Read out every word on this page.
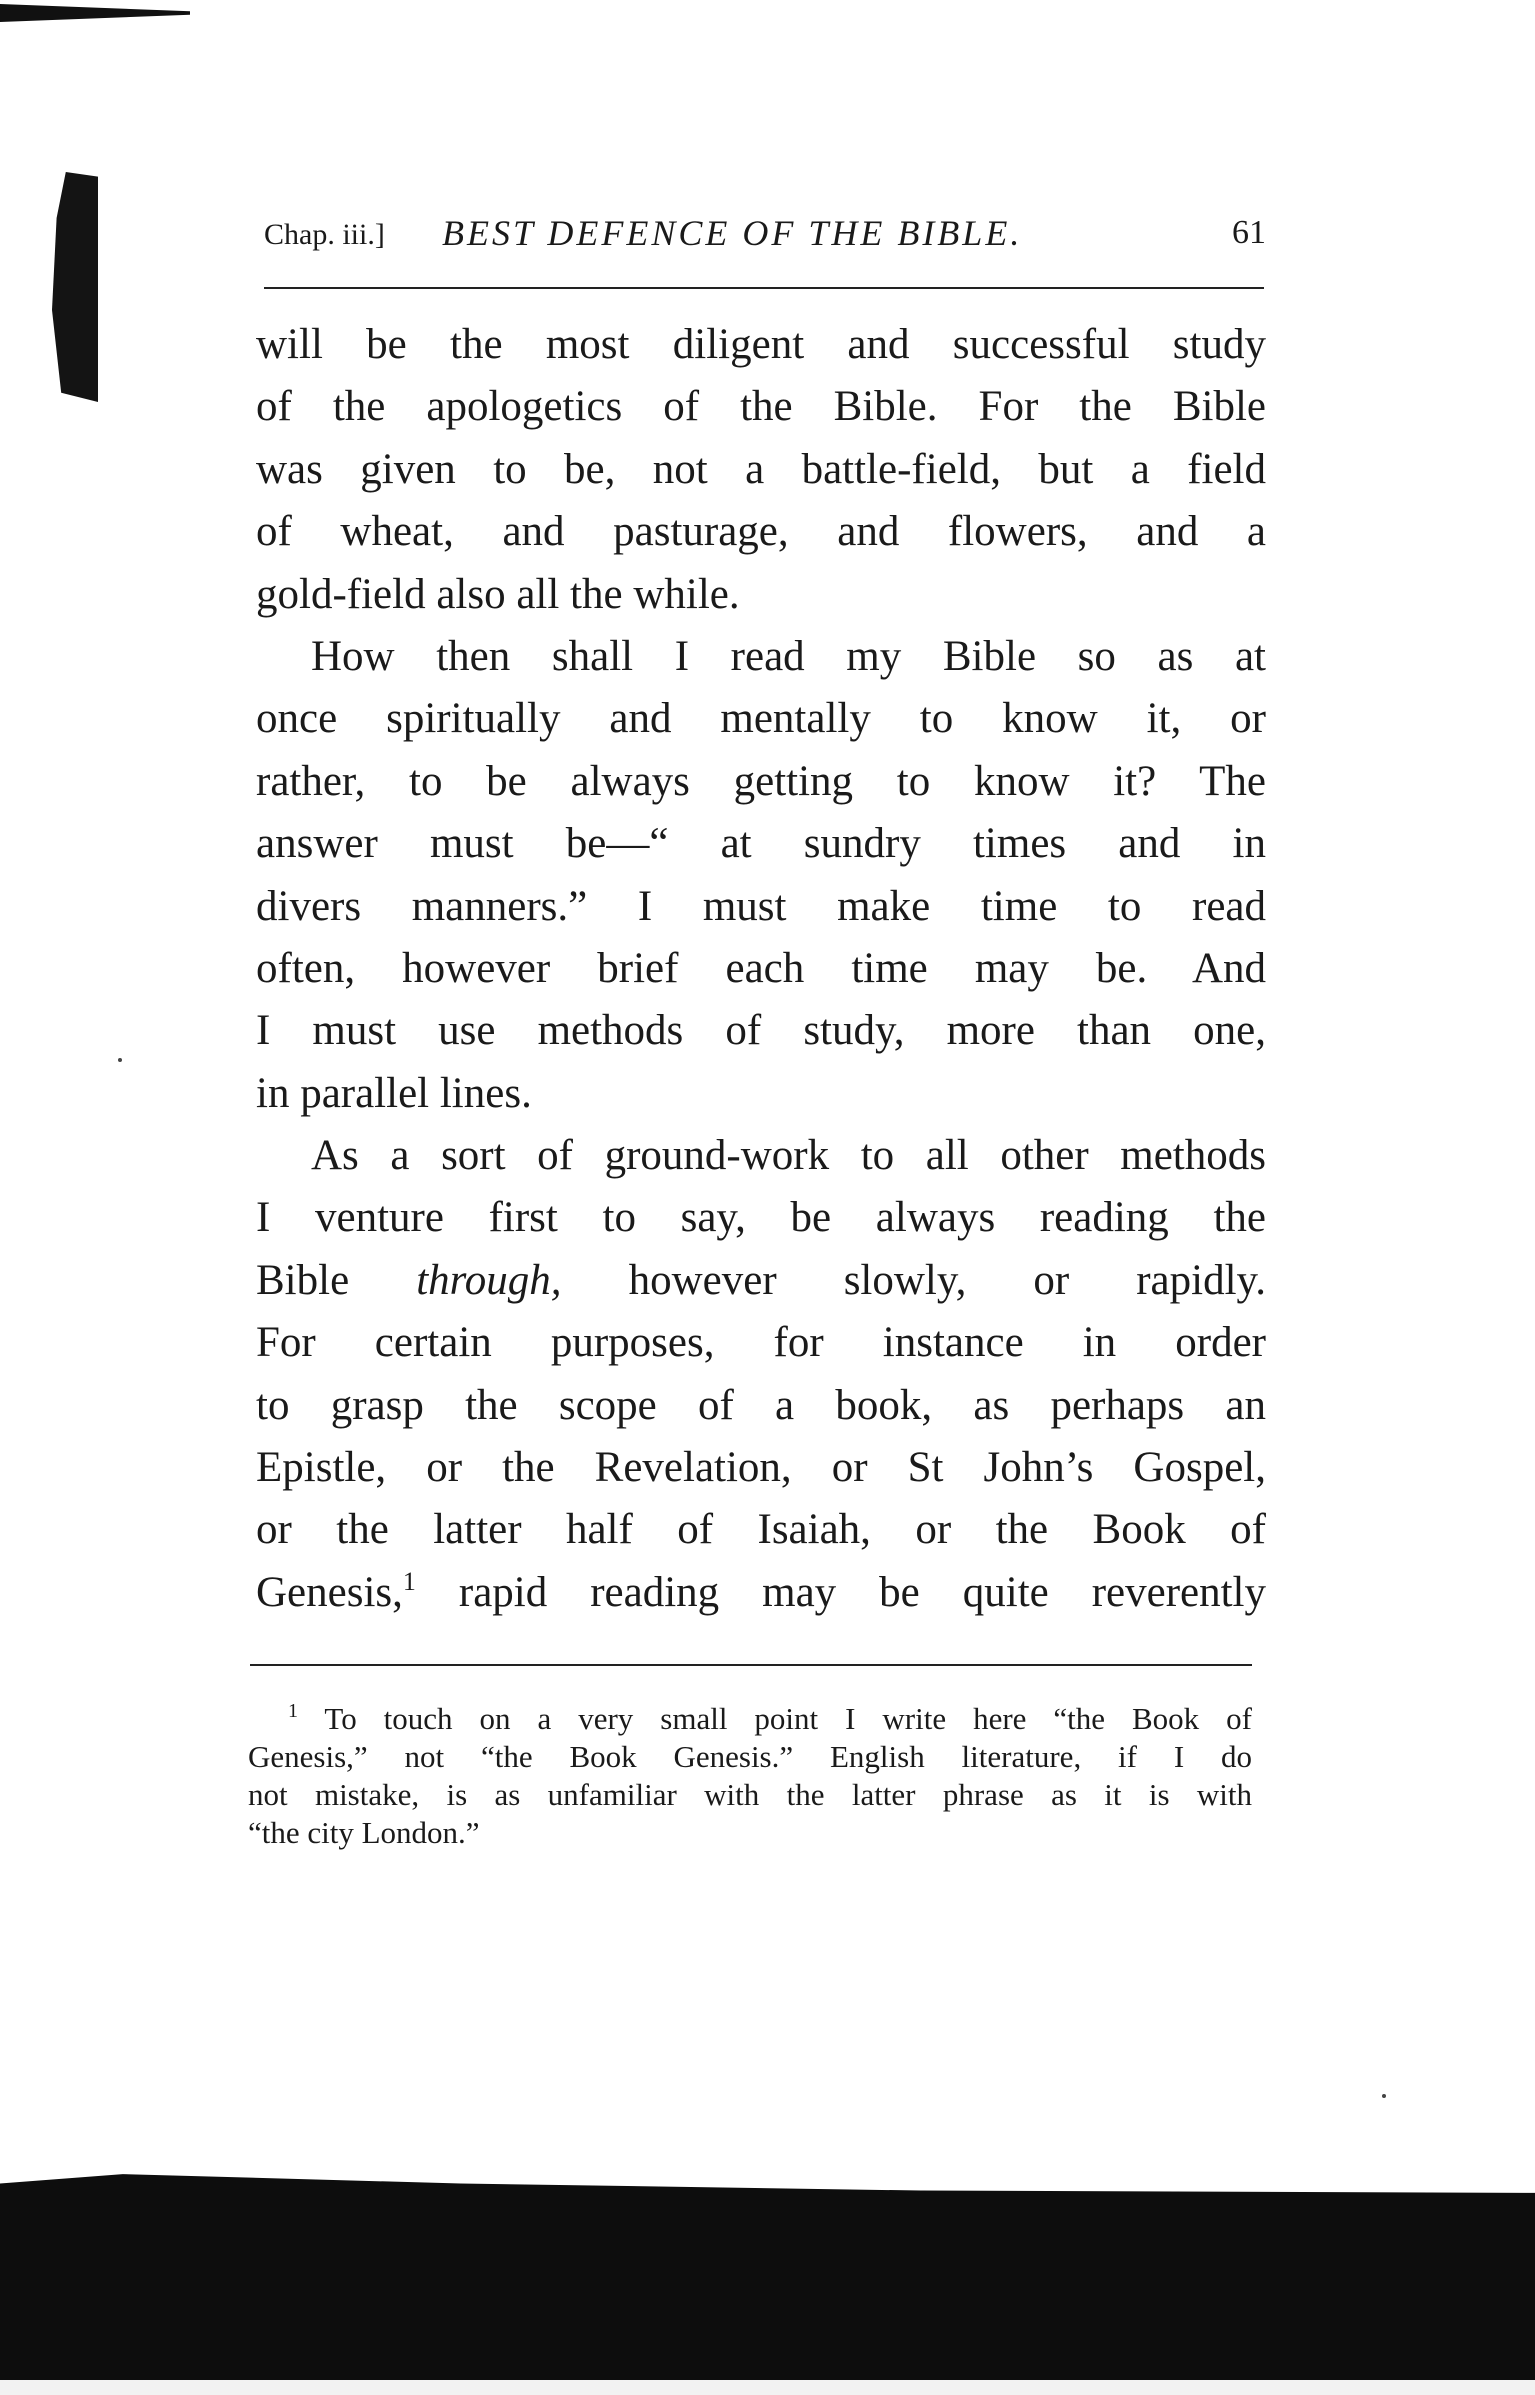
Chap. iii.] BEST DEFENCE OF THE BIBLE.	61
will be the most diligent and successful study
of the apologetics of the Bible. For the Bible
was given to be, not a battle-field, but a field
of wheat, and pasturage, and flowers, and a
gold-field also all the while.
How then shall I read my Bible so as at
once spiritually and mentally to know it, or
rather, to be always getting to know it? The
answer must be—“ at sundry times and in
divers manners.” I must make time to read
often, however brief each time may be. And
I must use methods of study, more than one,
in parallel lines.
As a sort of ground-work to all other methods
I venture first to say, be always reading the
Bible through, however slowly, or rapidly.
For certain purposes, for instance in order
to grasp the scope of a book, as perhaps an
Epistle, or the Revelation, or St John’s Gospel,
or the latter half of Isaiah, or the Book of
Genesis,$^1$ rapid reading may be quite reverently
$^1$ To touch on a very small point I write here “the Book of
Genesis,” not “the Book Genesis.” English literature, if I do
not mistake, is as unfamiliar with the latter phrase as it is with
“the city London.”
